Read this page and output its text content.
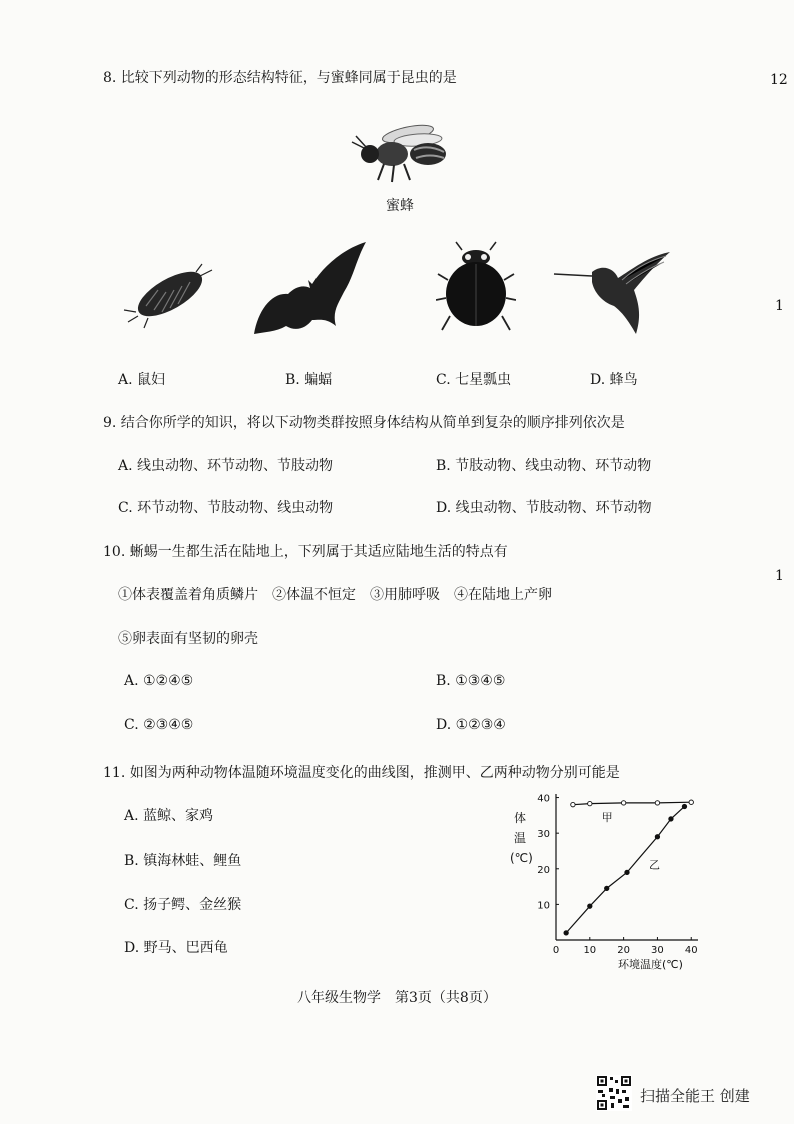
12
1
1
8. 比较下列动物的形态结构特征，与蜜蜂同属于昆虫的是
蜜蜂
A. 鼠妇	B. 蝙蝠	C. 七星瓢虫	D. 蜂鸟
9. 结合你所学的知识，将以下动物类群按照身体结构从简单到复杂的顺序排列依次是
A. 线虫动物、环节动物、节肢动物	B. 节肢动物、线虫动物、环节动物
C. 环节动物、节肢动物、线虫动物	D. 线虫动物、节肢动物、环节动物
10. 蜥蜴一生都生活在陆地上，下列属于其适应陆地生活的特点有
①体表覆盖着角质鳞片　②体温不恒定　③用肺呼吸　④在陆地上产卵
⑤卵表面有坚韧的卵壳
A. ①②④⑤	B. ①③④⑤
C. ②③④⑤	D. ①②③④
11. 如图为两种动物体温随环境温度变化的曲线图，推测甲、乙两种动物分别可能是
A. 蓝鲸、家鸡
B. 镇海林蛙、鲤鱼
C. 扬子鳄、金丝猴
D. 野马、巴西龟	0 10 20 30 40
10
20
30
40
甲
乙
体
温
(℃)
环境温度(℃)
八年级生物学　第3页（共8页）
扫描全能王 创建
